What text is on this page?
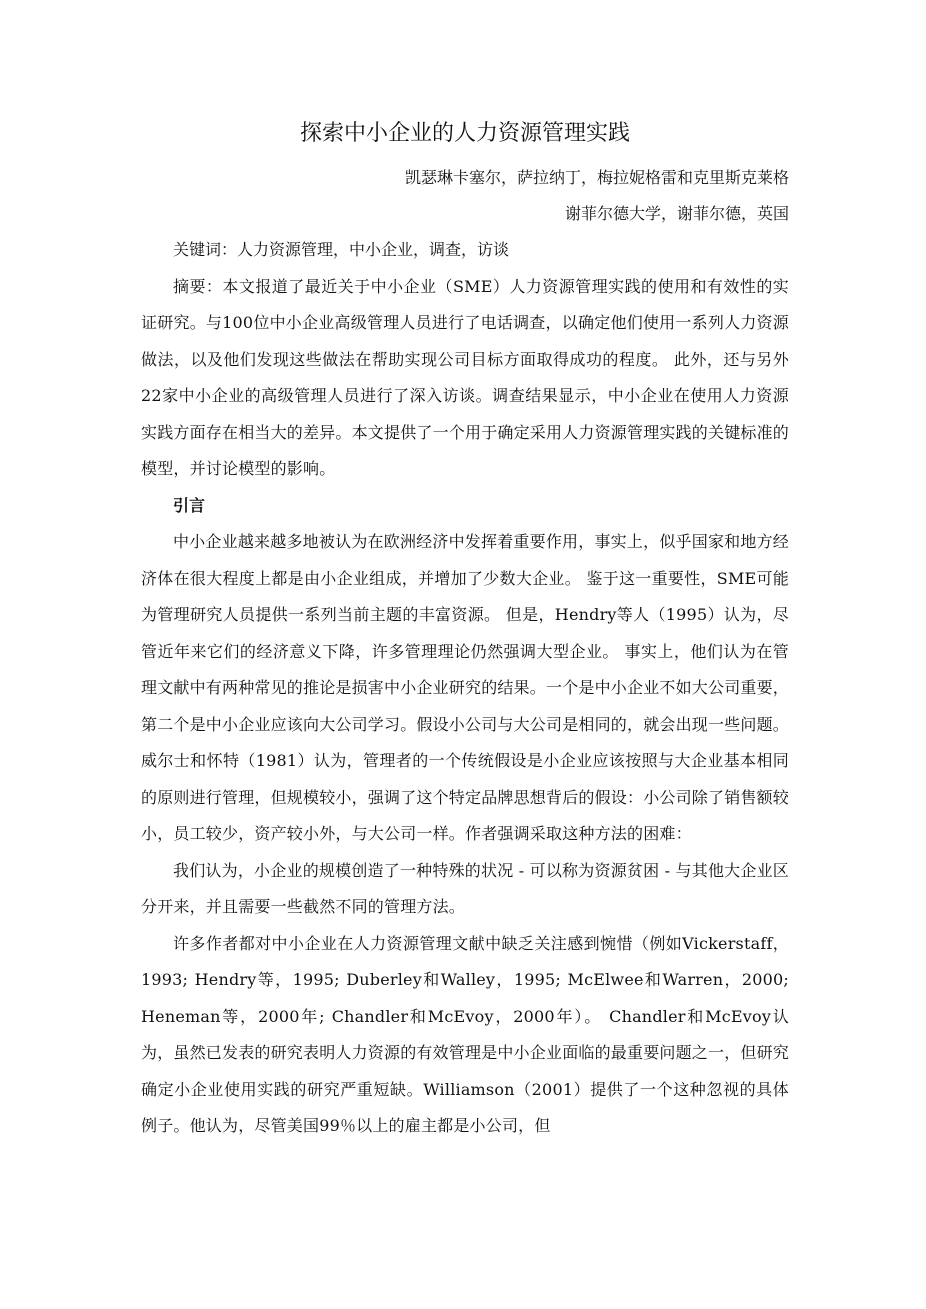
探索中小企业的人力资源管理实践

凯瑟琳卡塞尔，萨拉纳丁，梅拉妮格雷和克里斯克莱格

谢菲尔德大学，谢菲尔德，英国

关键词：人力资源管理，中小企业，调查，访谈

摘要：本文报道了最近关于中小企业（SME）人力资源管理实践的使用和有效性的实证研究。与100位中小企业高级管理人员进行了电话调查，以确定他们使用一系列人力资源做法，以及他们发现这些做法在帮助实现公司目标方面取得成功的程度。 此外，还与另外22家中小企业的高级管理人员进行了深入访谈。调查结果显示，中小企业在使用人力资源实践方面存在相当大的差异。本文提供了一个用于确定采用人力资源管理实践的关键标准的模型，并讨论模型的影响。

引言

中小企业越来越多地被认为在欧洲经济中发挥着重要作用，事实上，似乎国家和地方经济体在很大程度上都是由小企业组成，并增加了少数大企业。 鉴于这一重要性，SME可能为管理研究人员提供一系列当前主题的丰富资源。 但是，Hendry等人（1995）认为，尽管近年来它们的经济意义下降，许多管理理论仍然强调大型企业。 事实上，他们认为在管理文献中有两种常见的推论是损害中小企业研究的结果。一个是中小企业不如大公司重要，第二个是中小企业应该向大公司学习。假设小公司与大公司是相同的，就会出现一些问题。威尔士和怀特（1981）认为，管理者的一个传统假设是小企业应该按照与大企业基本相同的原则进行管理，但规模较小，强调了这个特定品牌思想背后的假设：小公司除了销售额较小，员工较少，资产较小外，与大公司一样。作者强调采取这种方法的困难：

我们认为，小企业的规模创造了一种特殊的状况 - 可以称为资源贫困 - 与其他大企业区分开来，并且需要一些截然不同的管理方法。

许多作者都对中小企业在人力资源管理文献中缺乏关注感到惋惜（例如Vickerstaff，1993; Hendry等，1995; Duberley和Walley，1995; McElwee和Warren，2000; Heneman等，2000年; Chandler和McEvoy，2000年）。 Chandler和McEvoy认为，虽然已发表的研究表明人力资源的有效管理是中小企业面临的最重要问题之一，但研究确定小企业使用实践的研究严重短缺。Williamson（2001）提供了一个这种忽视的具体例子。他认为，尽管美国99％以上的雇主都是小公司，但
